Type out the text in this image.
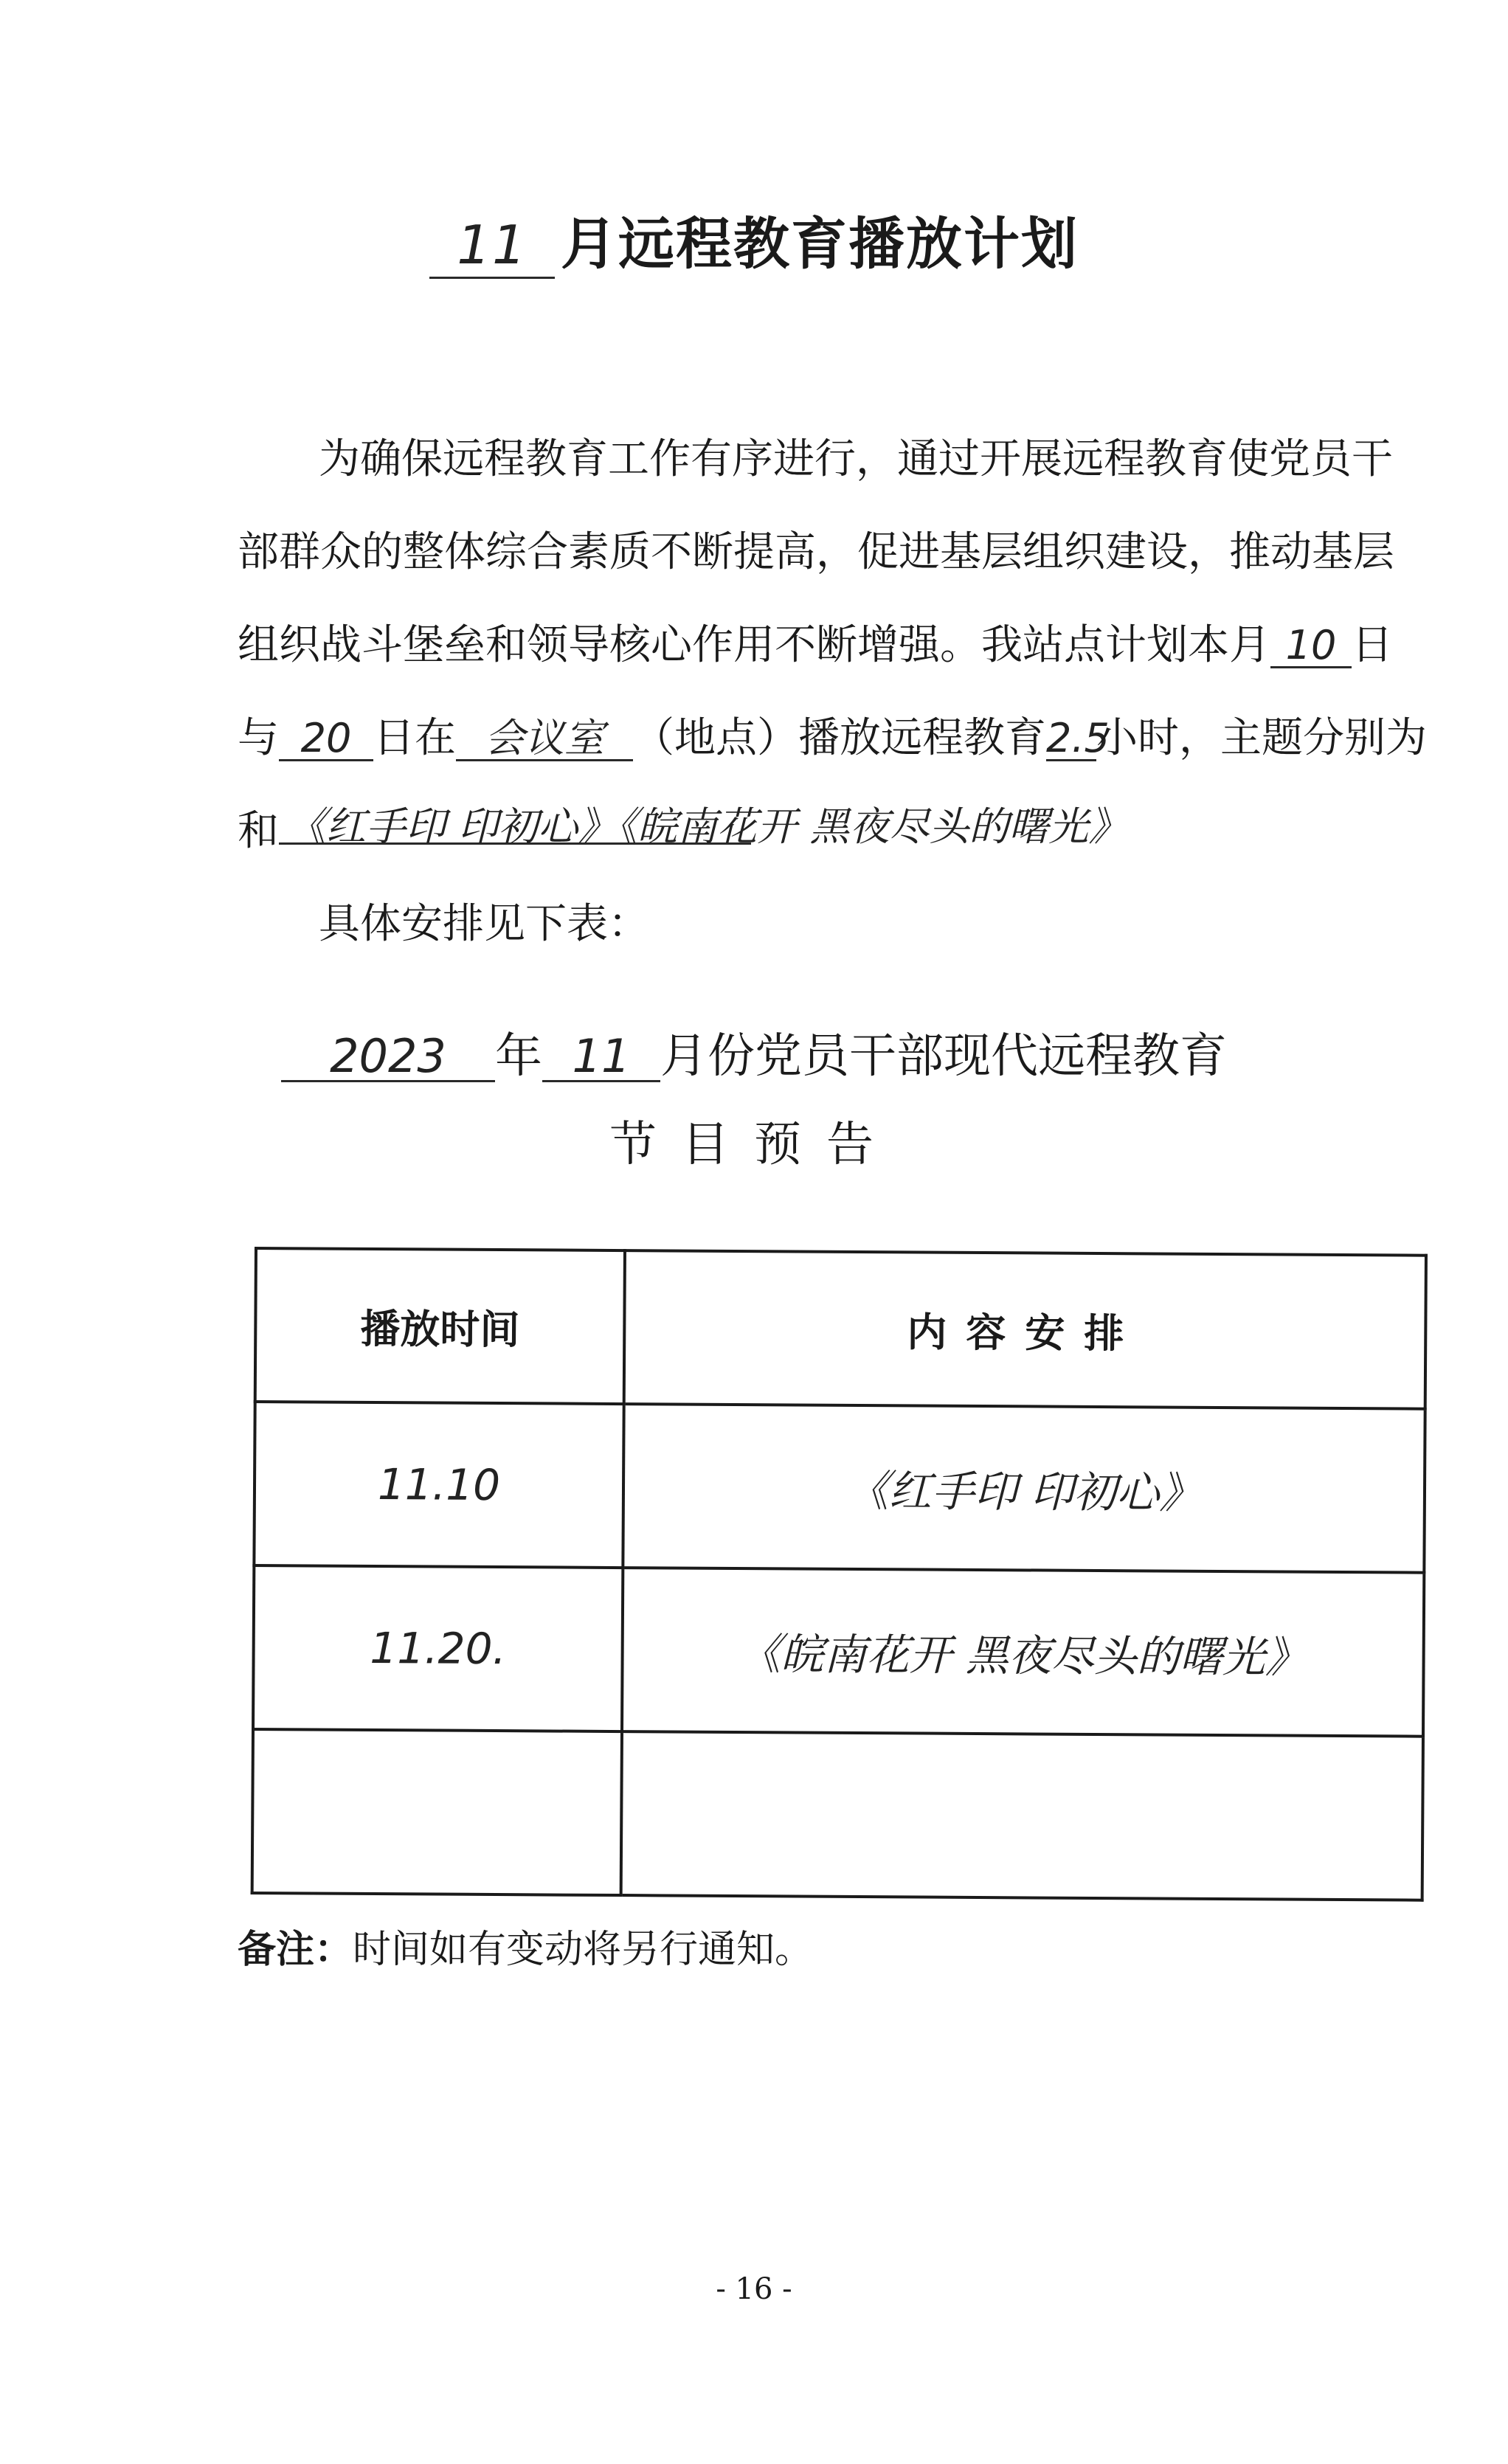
11 月远程教育播放计划
为确保远程教育工作有序进行，通过开展远程教育使党员干
部群众的整体综合素质不断提高，促进基层组织建设，推动基层
组织战斗堡垒和领导核心作用不断增强。我站点计划本月 10 日
与 20 日在 会议室 （地点）播放远程教育2.5小时，主题分别为
和 《红手印 印初心》《皖南花开 黑夜尽头的曙光》
具体安排见下表：
2023 年 11 月份党员干部现代远程教育
节目预告
播放时间	内容安排
11.10	《红手印 印初心》
11.20.	《皖南花开 黑夜尽头的曙光》

备注：时间如有变动将另行通知。
- 16 -
